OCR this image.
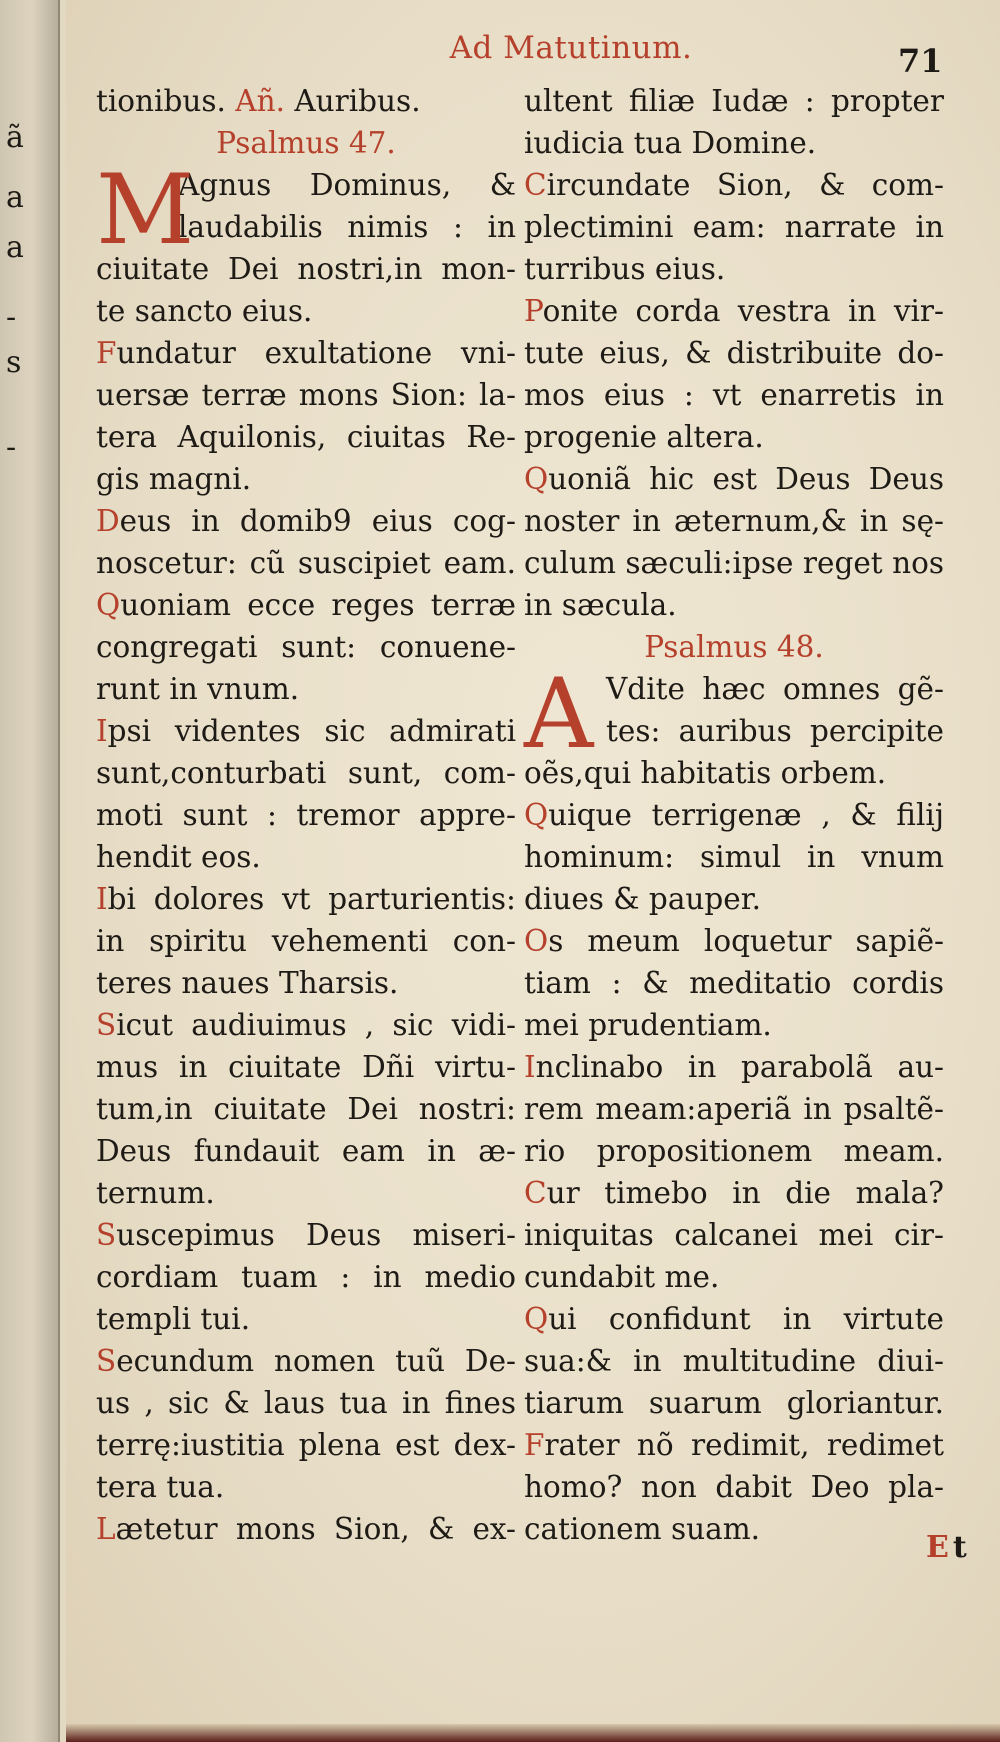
ã
a
a
-
s
-
Ad Matutinum.	71
tionibus. Añ. Auribus.
Psalmus 47.
M
Agnus Dominus, &
laudabilis nimis : in
ciuitate Dei nostri,in mon-
te sancto eius.
Fundatur exultatione vni-
uersæ terræ mons Sion: la-
tera Aquilonis, ciuitas Re-
gis magni.
Deus in domib9 eius cog-
noscetur: cũ suscipiet eam.
Quoniam ecce reges terræ
congregati sunt: conuene-
runt in vnum.
Ipsi videntes sic admirati
sunt,conturbati sunt, com-
moti sunt : tremor appre-
hendit eos.
Ibi dolores vt parturientis:
in spiritu vehementi con-
teres naues Tharsis.
Sicut audiuimus , sic vidi-
mus in ciuitate Dñi virtu-
tum,in ciuitate Dei nostri:
Deus fundauit eam in æ-
ternum.
Suscepimus Deus miseri-
cordiam tuam : in medio
templi tui.
Secundum nomen tuũ De-
us , sic & laus tua in fines
terrę:iustitia plena est dex-
tera tua.
Lætetur mons Sion, & ex-
ultent filiæ Iudæ : propter
iudicia tua Domine.
Circundate Sion, & com-
plectimini eam: narrate in
turribus eius.
Ponite corda vestra in vir-
tute eius, & distribuite do-
mos eius : vt enarretis in
progenie altera.
Quoniã hic est Deus Deus
noster in æternum,& in sę-
culum sæculi:ipse reget nos
in sæcula.
Psalmus 48.
A Vdite hæc omnes gẽ-
tes: auribus percipite
oẽs,qui habitatis orbem.
Quique terrigenæ , & filij
hominum: simul in vnum
diues & pauper.
Os meum loquetur sapiẽ-
tiam : & meditatio cordis
mei prudentiam.
Inclinabo in parabolã au-
rem meam:aperiã in psaltẽ-
rio propositionem meam.
Cur timebo in die mala?
iniquitas calcanei mei cir-
cundabit me.
Qui confidunt in virtute
sua:& in multitudine diui-
tiarum suarum gloriantur.
Frater nõ redimit, redimet
homo? non dabit Deo pla-
cationem suam.
E t
